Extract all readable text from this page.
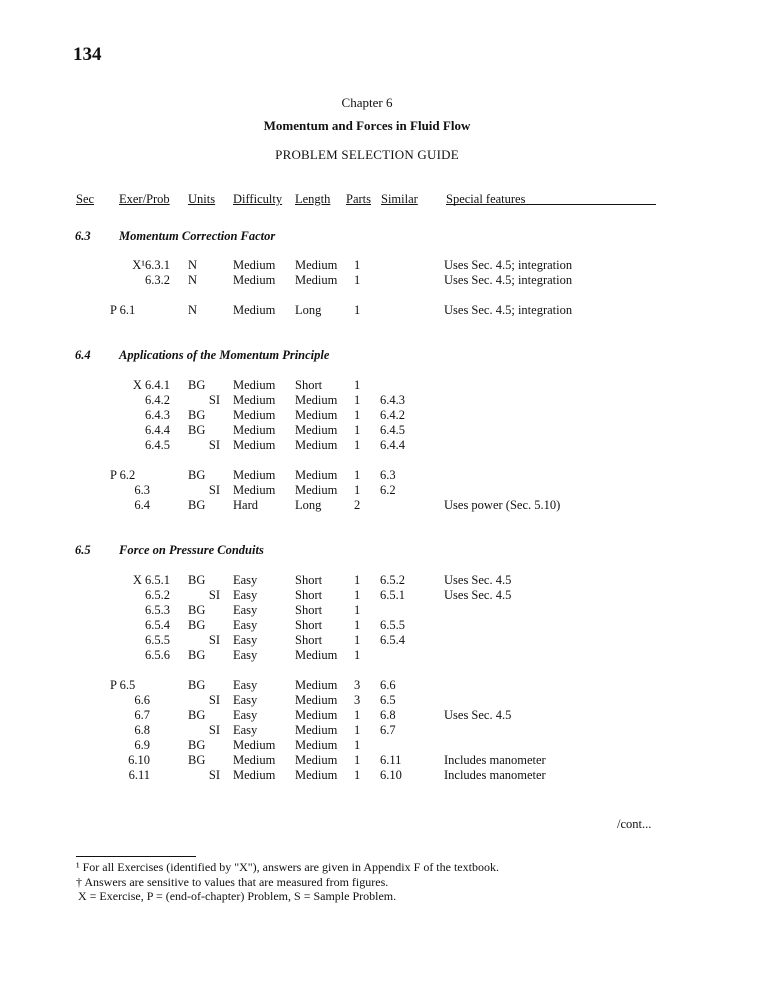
134
Chapter 6
Momentum and Forces in Fluid Flow
PROBLEM SELECTION GUIDE
Sec Exer/Prob Units Difficulty Length Parts Similar Special features
6.3 Momentum Correction Factor
X¹6.3.1 N	Medium Medium 1	Uses Sec. 4.5; integration
6.3.2 N	Medium Medium 1	Uses Sec. 4.5; integration
P 6.1	N	Medium Long	1	Uses Sec. 4.5; integration
6.4 Applications of the Momentum Principle
X 6.4.1 BG	Medium Short	1
6.4.2	SI Medium Medium 1 6.4.3
6.4.3 BG	Medium Medium 1 6.4.2
6.4.4 BG	Medium Medium 1 6.4.5
6.4.5	SI Medium Medium 1 6.4.4
P 6.2	BG	Medium Medium 1 6.3
6.3	SI Medium Medium 1 6.2
6.4	BG	Hard	Long	2	Uses power (Sec. 5.10)
6.5 Force on Pressure Conduits
X 6.5.1 BG	Easy	Short	1 6.5.2	Uses Sec. 4.5
6.5.2	SI Easy	Short	1 6.5.1	Uses Sec. 4.5
6.5.3 BG	Easy	Short	1
6.5.4 BG	Easy	Short	1 6.5.5
6.5.5	SI Easy	Short	1 6.5.4
6.5.6 BG	Easy	Medium 1
P 6.5	BG	Easy	Medium 3 6.6
6.6	SI Easy	Medium 3 6.5
6.7	BG	Easy	Medium 1 6.8	Uses Sec. 4.5
6.8	SI Easy	Medium 1 6.7
6.9	BG	Medium Medium 1
6.10	BG	Medium Medium 1 6.11	Includes manometer
6.11	SI Medium Medium 1 6.10	Includes manometer
/cont...
¹ For all Exercises (identified by "X"), answers are given in Appendix F of the textbook.
† Answers are sensitive to values that are measured from figures.
X = Exercise, P = (end-of-chapter) Problem, S = Sample Problem.
